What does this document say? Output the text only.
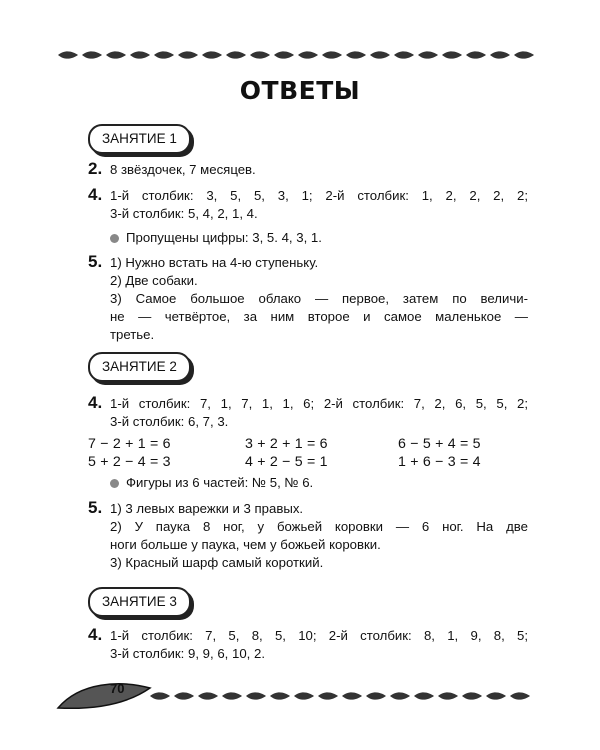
ОТВЕТЫ
ЗАНЯТИЕ 1
2. 8 звёздочек, 7 месяцев.
4. 1-й столбик: 3, 5, 5, 3, 1; 2-й столбик: 1, 2, 2, 2, 2;
3-й столбик: 5, 4, 2, 1, 4.
Пропущены цифры: 3, 5. 4, 3, 1.
5. 1) Нужно встать на 4-ю ступеньку.
2) Две собаки.
3) Самое большое облако — первое, затем по величи-
не — четвёртое, за ним второе и самое маленькое —
третье.
ЗАНЯТИЕ 2
4. 1-й столбик: 7, 1, 7, 1, 1, 6; 2-й столбик: 7, 2, 6, 5, 5, 2;
3-й столбик: 6, 7, 3.
7 − 2 + 1 = 6	3 + 2 + 1 = 6	6 − 5 + 4 = 5
5 + 2 − 4 = 3	4 + 2 − 5 = 1	1 + 6 − 3 = 4
Фигуры из 6 частей: № 5, № 6.
5. 1) 3 левых варежки и 3 правых.
2) У паука 8 ног, у божьей коровки — 6 ног. На две
ноги больше у паука, чем у божьей коровки.
3) Красный шарф самый короткий.
ЗАНЯТИЕ 3
4. 1-й столбик: 7, 5, 8, 5, 10; 2-й столбик: 8, 1, 9, 8, 5;
3-й столбик: 9, 9, 6, 10, 2.
70
